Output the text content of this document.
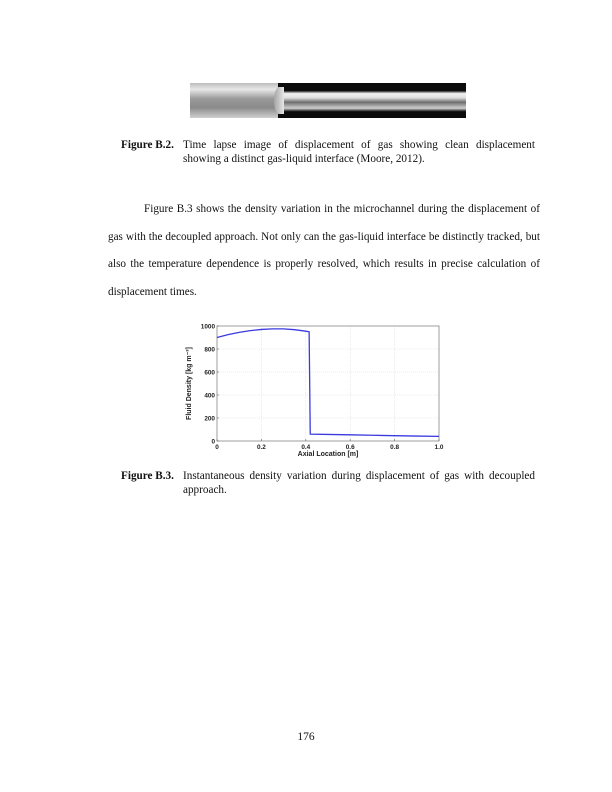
Figure B.2. Time lapse image of displacement of gas showing clean displacement showing a distinct gas-liquid interface (Moore, 2012).

Figure B.3 shows the density variation in the microchannel during the displacement of gas with the decoupled approach. Not only can the gas-liquid interface be distinctly tracked, but also the temperature dependence is properly resolved, which results in precise calculation of displacement times.

0	0.2	0.4	0.6	0.8	1.0
0
200
400
600
800
1000
Axial Location [m]
Fluid Density [kg m⁻³]
Figure B.3. Instantaneous density variation during displacement of gas with decoupled approach.
176
